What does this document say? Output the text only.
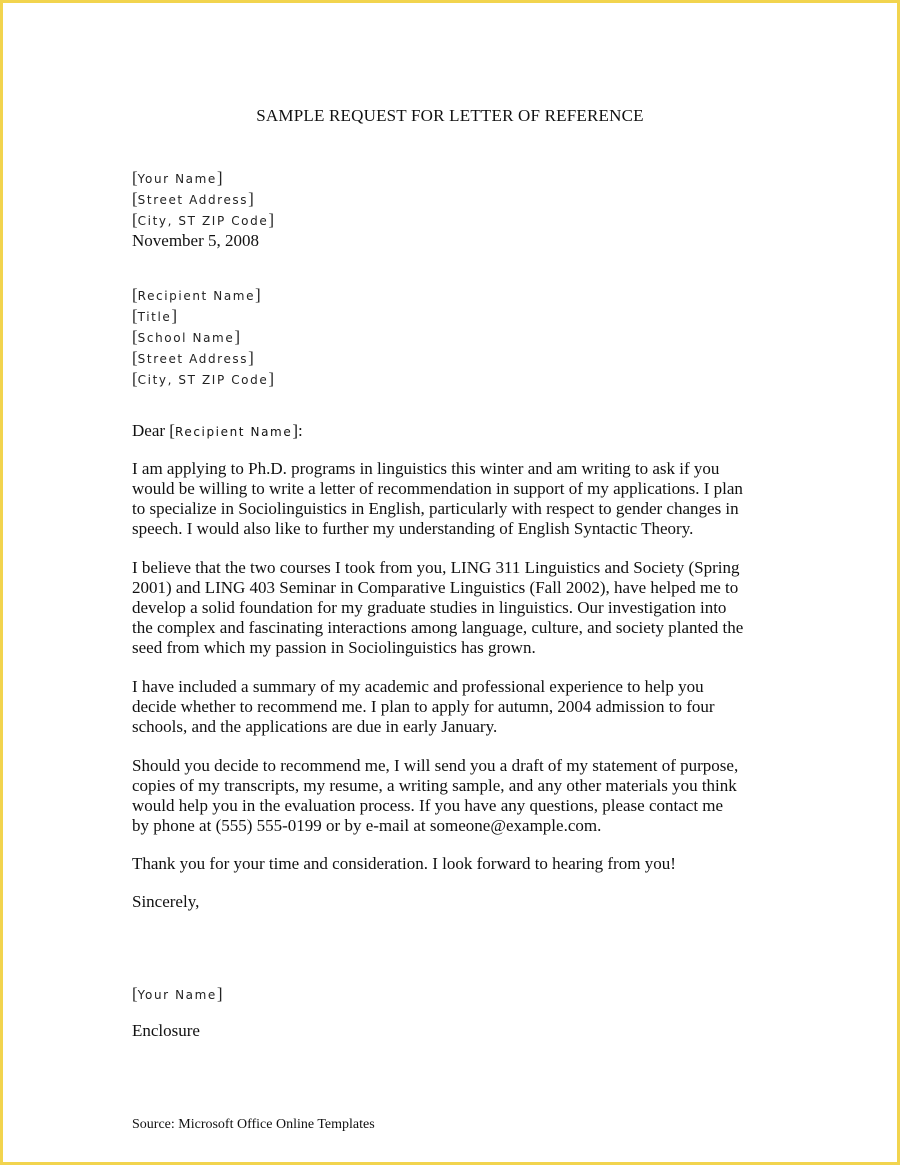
SAMPLE REQUEST FOR LETTER OF REFERENCE
[Your Name]
[Street Address]
[City, ST ZIP Code]
November 5, 2008
[Recipient Name]
[Title]
[School Name]
[Street Address]
[City, ST ZIP Code]
Dear [Recipient Name]:

I am applying to Ph.D. programs in linguistics this winter and am writing to ask if you
would be willing to write a letter of recommendation in support of my applications. I plan
to specialize in Sociolinguistics in English, particularly with respect to gender changes in
speech. I would also like to further my understanding of English Syntactic Theory.

I believe that the two courses I took from you, LING 311 Linguistics and Society (Spring
2001) and LING 403 Seminar in Comparative Linguistics (Fall 2002), have helped me to
develop a solid foundation for my graduate studies in linguistics. Our investigation into
the complex and fascinating interactions among language, culture, and society planted the
seed from which my passion in Sociolinguistics has grown.

I have included a summary of my academic and professional experience to help you
decide whether to recommend me. I plan to apply for autumn, 2004 admission to four
schools, and the applications are due in early January.

Should you decide to recommend me, I will send you a draft of my statement of purpose,
copies of my transcripts, my resume, a writing sample, and any other materials you think
would help you in the evaluation process. If you have any questions, please contact me
by phone at (555) 555-0199 or by e-mail at someone@example.com.

Thank you for your time and consideration. I look forward to hearing from you!

Sincerely,
[Your Name]
Enclosure
Source: Microsoft Office Online Templates
